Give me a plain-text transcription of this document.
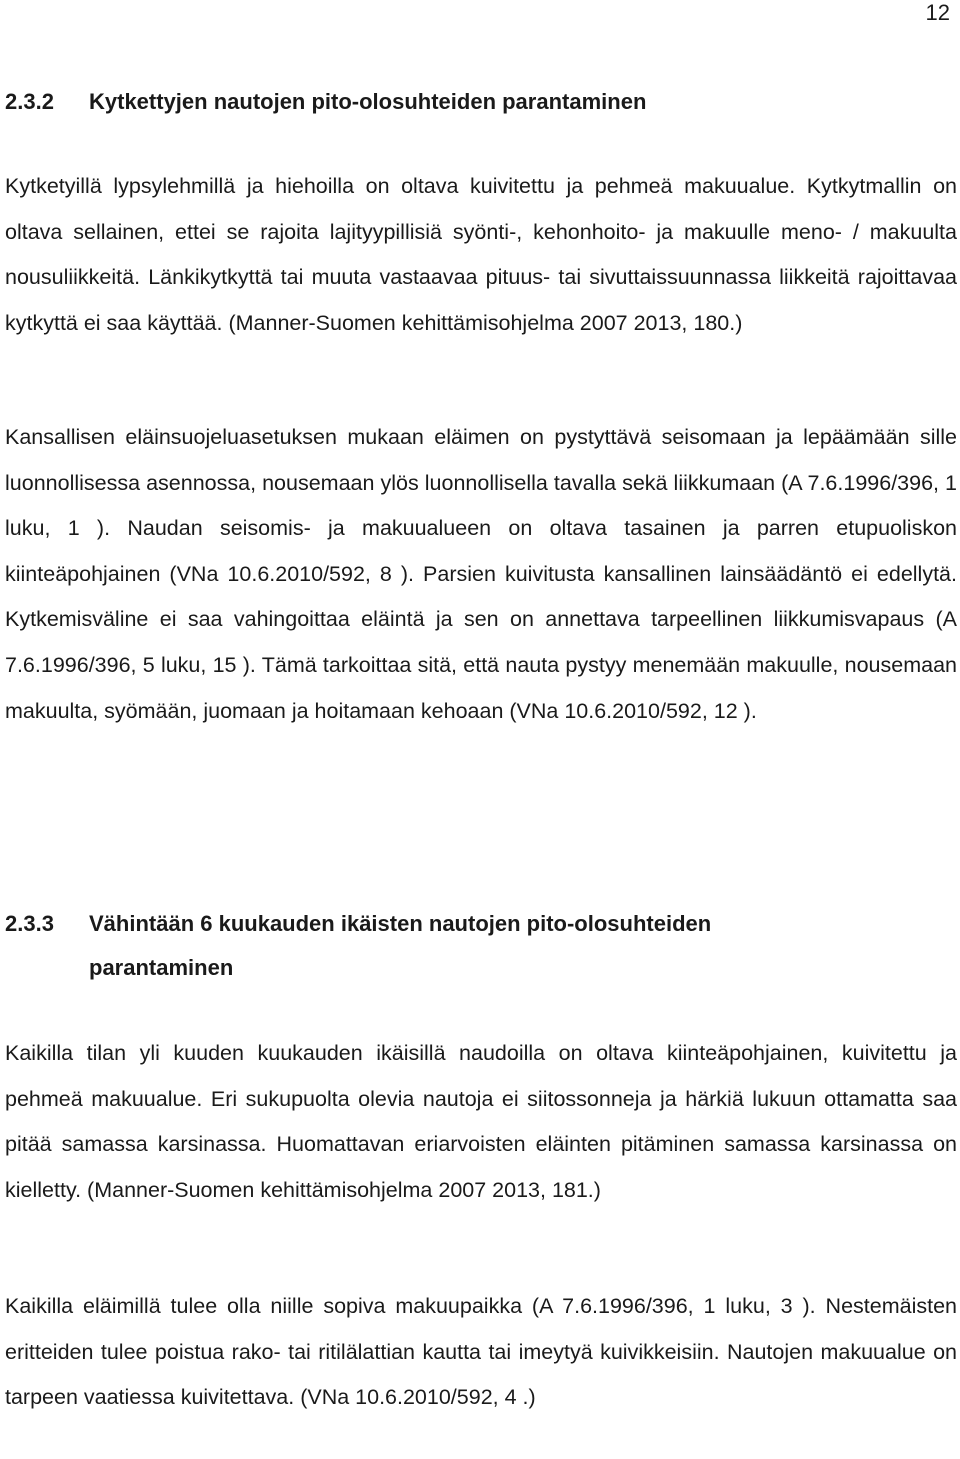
12
2.3.2	Kytkettyjen nautojen pito-olosuhteiden parantaminen

Kytketyillä lypsylehmillä ja hiehoilla on oltava kuivitettu ja pehmeä makuualue. Kytkytmallin on oltava sellainen, ettei se rajoita lajityypillisiä syönti-, kehonhoito- ja makuulle meno- / makuulta nousuliikkeitä. Länkikytkyttä tai muuta vastaavaa pituus- tai sivuttaissuunnassa liikkeitä rajoittavaa kytkyttä ei saa käyttää. (Manner-Suomen kehittämisohjelma 2007 2013, 180.)

Kansallisen eläinsuojeluasetuksen mukaan eläimen on pystyttävä seisomaan ja lepäämään sille luonnollisessa asennossa, nousemaan ylös luonnollisella tavalla sekä liikkumaan (A 7.6.1996/396, 1 luku, 1 ). Naudan seisomis- ja makuualueen on oltava tasainen ja parren etupuoliskon kiinteäpohjainen (VNa 10.6.2010/592, 8 ). Parsien kuivitusta kansallinen lainsäädäntö ei edellytä. Kytkemisväline ei saa vahingoittaa eläintä ja sen on annettava tarpeellinen liikkumisvapaus (A 7.6.1996/396, 5 luku, 15 ). Tämä tarkoittaa sitä, että nauta pystyy menemään makuulle, nousemaan makuulta, syömään, juomaan ja hoitamaan kehoaan (VNa 10.6.2010/592, 12 ).

2.3.3	Vähintään 6 kuukauden ikäisten nautojen pito-olosuhteiden
parantaminen

Kaikilla tilan yli kuuden kuukauden ikäisillä naudoilla on oltava kiinteäpohjainen, kuivitettu ja pehmeä makuualue. Eri sukupuolta olevia nautoja ei siitossonneja ja härkiä lukuun ottamatta saa pitää samassa karsinassa. Huomattavan eriarvoisten eläinten pitäminen samassa karsinassa on kielletty. (Manner-Suomen kehittämisohjelma 2007 2013, 181.)

Kaikilla eläimillä tulee olla niille sopiva makuupaikka (A 7.6.1996/396, 1 luku, 3 ). Nestemäisten eritteiden tulee poistua rako- tai ritilälattian kautta tai imeytyä kuivikkeisiin. Nautojen makuualue on tarpeen vaatiessa kuivitettava. (VNa 10.6.2010/592, 4 .)
